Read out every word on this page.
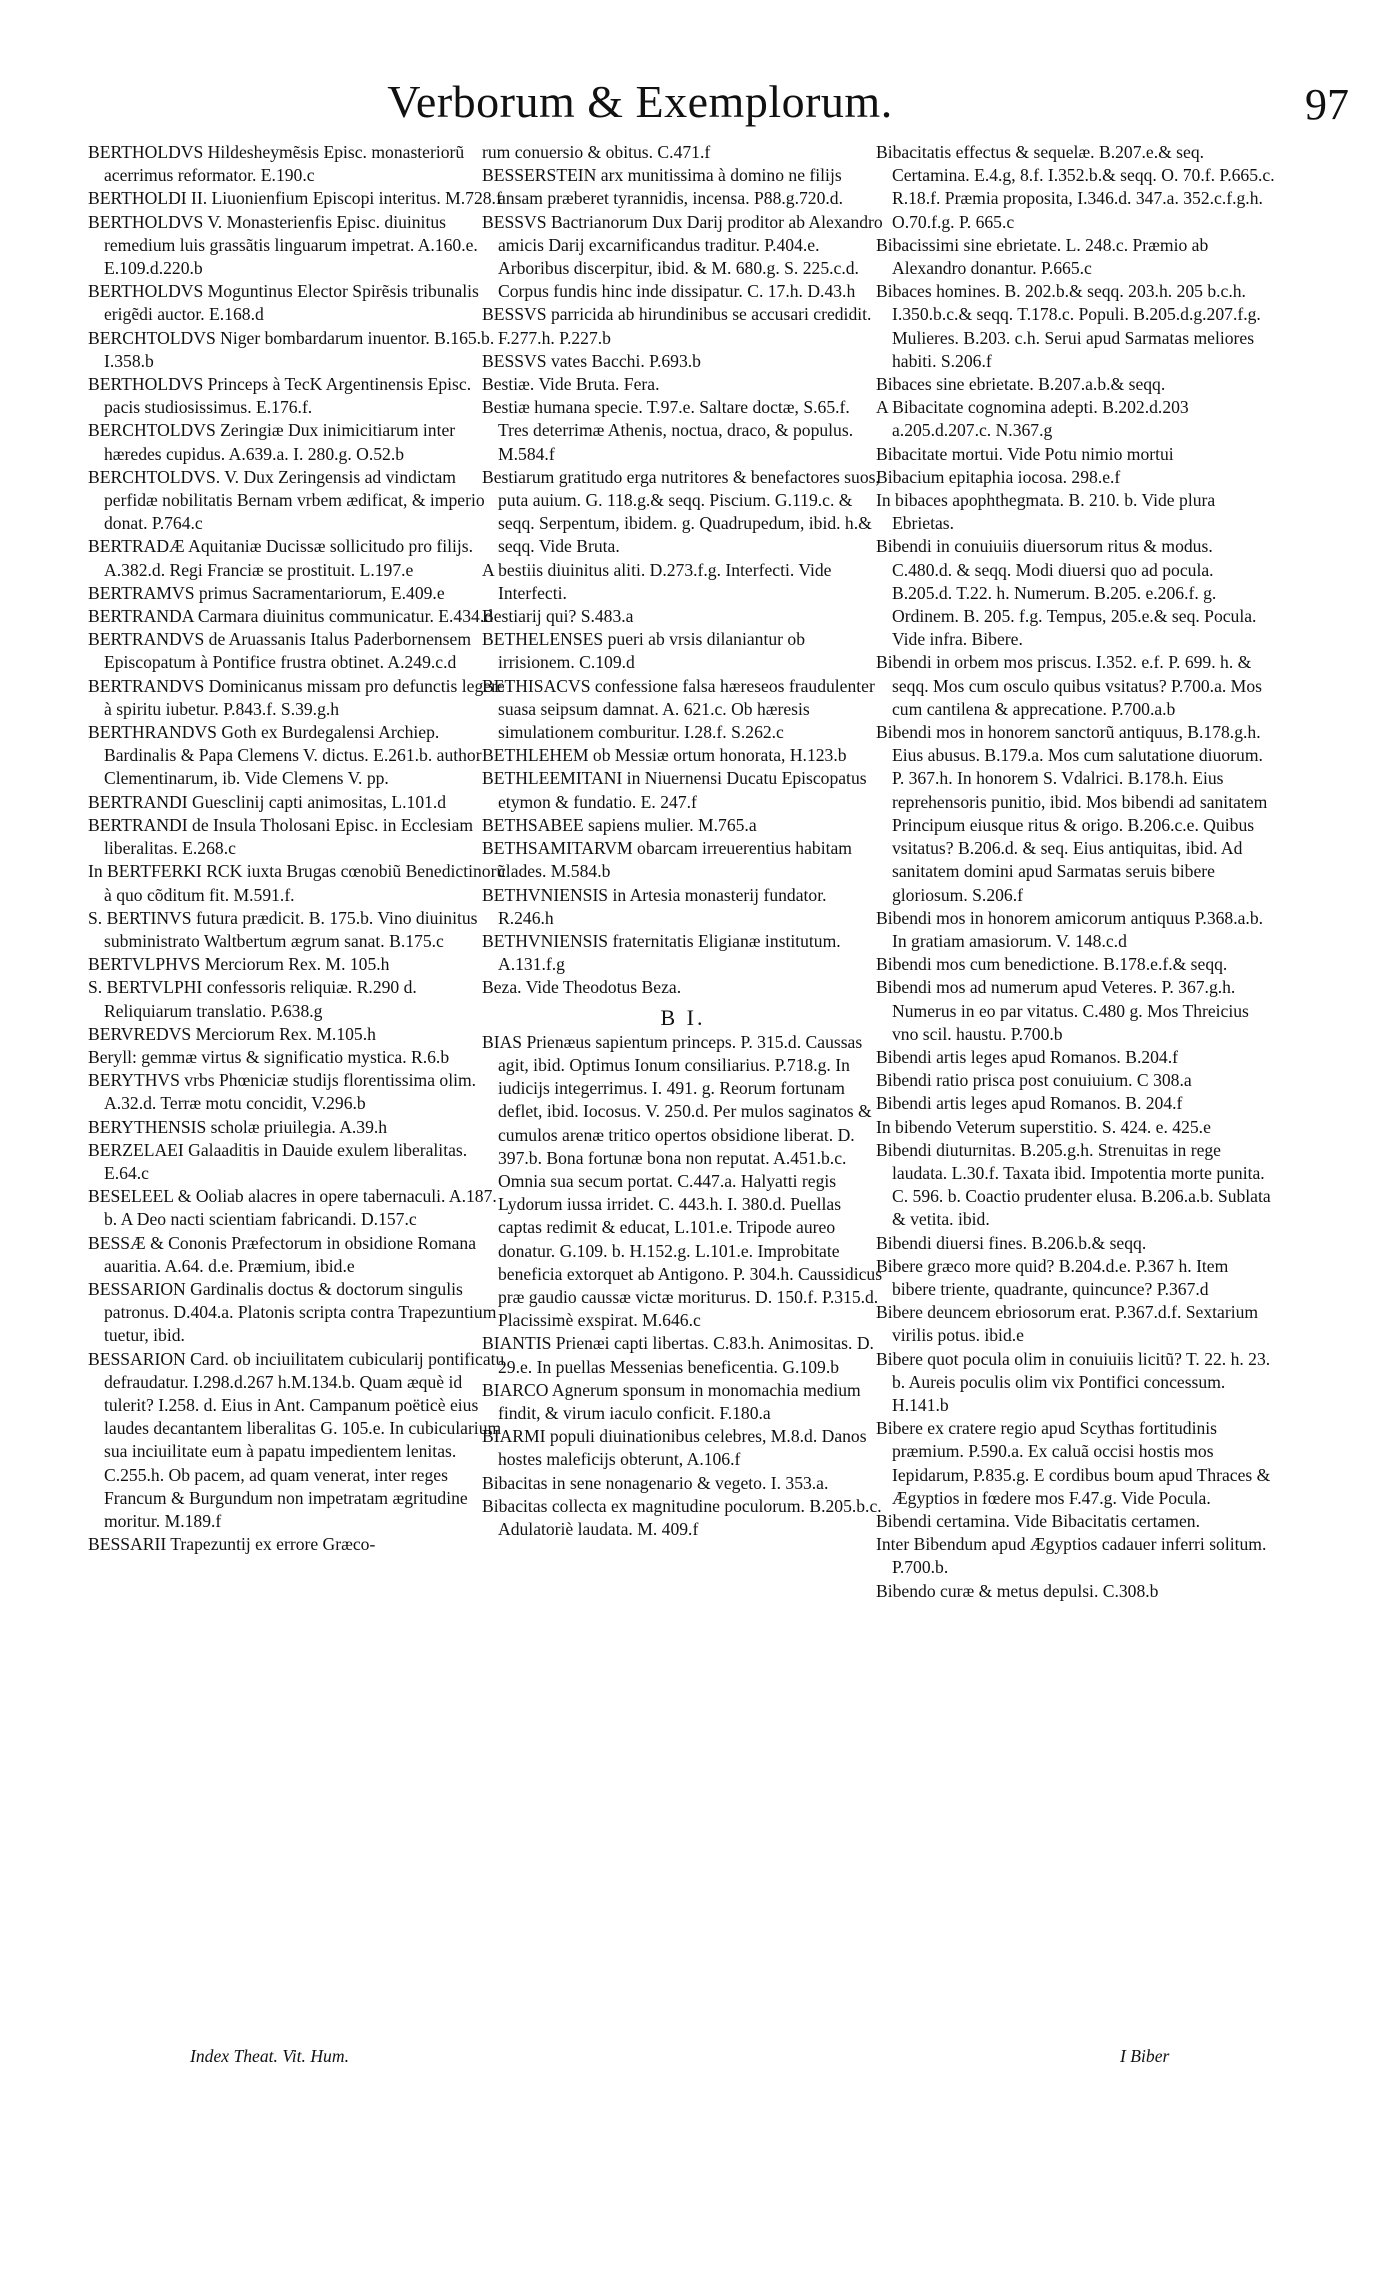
Verborum & Exemplorum.	97

BERTHOLDVS Hildesheymẽsis Episc. monasteriorũ acerrimus reformator. E.190.c

BERTHOLDI II. Liuonienfium Episcopi interitus. M.728.f

BERTHOLDVS V. Monasterienfis Episc. diuinitus remedium luis grassãtis linguarum impetrat. A.160.e. E.109.d.220.b

BERTHOLDVS Moguntinus Elector Spirẽsis tribunalis erigẽdi auctor. E.168.d

BERCHTOLDVS Niger bombardarum inuentor. B.165.b. I.358.b

BERTHOLDVS Princeps à TecK Argentinensis Episc. pacis studiosissimus. E.176.f.

BERCHTOLDVS Zeringiæ Dux inimicitiarum inter hæredes cupidus. A.639.a. I. 280.g. O.52.b

BERCHTOLDVS. V. Dux Zeringensis ad vindictam perfidæ nobilitatis Bernam vrbem ædificat, & imperio donat. P.764.c

BERTRADÆ Aquitaniæ Ducissæ sollicitudo pro filijs. A.382.d. Regi Franciæ se prostituit. L.197.e

BERTRAMVS primus Sacramentariorum, E.409.e

BERTRANDA Carmara diuinitus communicatur. E.434.d

BERTRANDVS de Aruassanis Italus Paderbornensem Episcopatum à Pontifice frustra obtinet. A.249.c.d

BERTRANDVS Dominicanus missam pro defunctis legere à spiritu iubetur. P.843.f. S.39.g.h

BERTHRANDVS Goth ex Burdegalensi Archiep. Bardinalis & Papa Clemens V. dictus. E.261.b. author Clementinarum, ib. Vide Clemens V. pp.

BERTRANDI Guesclinij capti animositas, L.101.d

BERTRANDI de Insula Tholosani Episc. in Ecclesiam liberalitas. E.268.c

In BERTFERKI RCK iuxta Brugas cœnobiũ Benedictinorũ à quo cõditum fit. M.591.f.

S. BERTINVS futura prædicit. B. 175.b. Vino diuinitus subministrato Waltbertum ægrum sanat. B.175.c

BERTVLPHVS Merciorum Rex. M. 105.h

S. BERTVLPHI confessoris reliquiæ. R.290 d. Reliquiarum translatio. P.638.g

BERVREDVS Merciorum Rex. M.105.h

Beryll: gemmæ virtus & significatio mystica. R.6.b

BERYTHVS vrbs Phœniciæ studijs florentissima olim. A.32.d. Terræ motu concidit, V.296.b

BERYTHENSIS scholæ priuilegia. A.39.h

BERZELAEI Galaaditis in Dauide exulem liberalitas. E.64.c

BESELEEL & Ooliab alacres in opere tabernaculi. A.187. b. A Deo nacti scientiam fabricandi. D.157.c

BESSÆ & Cononis Præfectorum in obsidione Romana auaritia. A.64. d.e. Præmium, ibid.e

BESSARION Gardinalis doctus & doctorum singulis patronus. D.404.a. Platonis scripta contra Trapezuntium tuetur, ibid.

BESSARION Card. ob inciuilitatem cubicularij pontificatu defraudatur. I.298.d.267 h.M.134.b. Quam æquè id tulerit? I.258. d. Eius in Ant. Campanum poëticè eius laudes decantantem liberalitas G. 105.e. In cubicularium sua inciuilitate eum à papatu impedientem lenitas. C.255.h. Ob pacem, ad quam venerat, inter reges Francum & Burgundum non impetratam ægritudine moritur. M.189.f

BESSARII Trapezuntij ex errore Græco-

rum conuersio & obitus. C.471.f

BESSERSTEIN arx munitissima à domino ne filijs ansam præberet tyrannidis, incensa. P88.g.720.d.

BESSVS Bactrianorum Dux Darij proditor ab Alexandro amicis Darij excarnificandus traditur. P.404.e. Arboribus discerpitur, ibid. & M. 680.g. S. 225.c.d. Corpus fundis hinc inde dissipatur. C. 17.h. D.43.h

BESSVS parricida ab hirundinibus se accusari credidit. F.277.h. P.227.b

BESSVS vates Bacchi. P.693.b

Bestiæ. Vide Bruta. Fera.

Bestiæ humana specie. T.97.e. Saltare doctæ, S.65.f. Tres deterrimæ Athenis, noctua, draco, & populus. M.584.f

Bestiarum gratitudo erga nutritores & benefactores suos, puta auium. G. 118.g.& seqq. Piscium. G.119.c. & seqq. Serpentum, ibidem. g. Quadrupedum, ibid. h.& seqq. Vide Bruta.

A bestiis diuinitus aliti. D.273.f.g. Interfecti. Vide Interfecti.

Bestiarij qui? S.483.a

BETHELENSES pueri ab vrsis dilaniantur ob irrisionem. C.109.d

BETHISACVS confessione falsa hæreseos fraudulenter suasa seipsum damnat. A. 621.c. Ob hæresis simulationem comburitur. I.28.f. S.262.c

BETHLEHEM ob Messiæ ortum honorata, H.123.b

BETHLEEMITANI in Niuernensi Ducatu Episcopatus etymon & fundatio. E. 247.f

BETHSABEE sapiens mulier. M.765.a

BETHSAMITARVM obarcam irreuerentius habitam clades. M.584.b

BETHVNIENSIS in Artesia monasterij fundator. R.246.h

BETHVNIENSIS fraternitatis Eligianæ institutum. A.131.f.g

Beza. Vide Theodotus Beza.

B I.

BIAS Prienæus sapientum princeps. P. 315.d. Caussas agit, ibid. Optimus Ionum consiliarius. P.718.g. In iudicijs integerrimus. I. 491. g. Reorum fortunam deflet, ibid. Iocosus. V. 250.d. Per mulos saginatos & cumulos arenæ tritico opertos obsidione liberat. D. 397.b. Bona fortunæ bona non reputat. A.451.b.c. Omnia sua secum portat. C.447.a. Halyatti regis Lydorum iussa irridet. C. 443.h. I. 380.d. Puellas captas redimit & educat, L.101.e. Tripode aureo donatur. G.109. b. H.152.g. L.101.e. Improbitate beneficia extorquet ab Antigono. P. 304.h. Caussidicus præ gaudio caussæ victæ moriturus. D. 150.f. P.315.d. Placissimè exspirat. M.646.c

BIANTIS Prienæi capti libertas. C.83.h. Animositas. D. 29.e. In puellas Messenias beneficentia. G.109.b

BIARCO Agnerum sponsum in monomachia medium findit, & virum iaculo conficit. F.180.a

BIARMI populi diuinationibus celebres, M.8.d. Danos hostes maleficijs obterunt, A.106.f

Bibacitas in sene nonagenario & vegeto. I. 353.a.

Bibacitas collecta ex magnitudine poculorum. B.205.b.c. Adulatoriè laudata. M. 409.f

Bibacitatis effectus & sequelæ. B.207.e.& seq. Certamina. E.4.g, 8.f. I.352.b.& seqq. O. 70.f. P.665.c. R.18.f. Præmia proposita, I.346.d. 347.a. 352.c.f.g.h. O.70.f.g. P. 665.c

Bibacissimi sine ebrietate. L. 248.c. Præmio ab Alexandro donantur. P.665.c

Bibaces homines. B. 202.b.& seqq. 203.h. 205 b.c.h. I.350.b.c.& seqq. T.178.c. Populi. B.205.d.g.207.f.g. Mulieres. B.203. c.h. Serui apud Sarmatas meliores habiti. S.206.f

Bibaces sine ebrietate. B.207.a.b.& seqq.

A Bibacitate cognomina adepti. B.202.d.203 a.205.d.207.c. N.367.g

Bibacitate mortui. Vide Potu nimio mortui

Bibacium epitaphia iocosa. 298.e.f

In bibaces apophthegmata. B. 210. b. Vide plura Ebrietas.

Bibendi in conuiuiis diuersorum ritus & modus. C.480.d. & seqq. Modi diuersi quo ad pocula. B.205.d. T.22. h. Numerum. B.205. e.206.f. g. Ordinem. B. 205. f.g. Tempus, 205.e.& seq. Pocula. Vide infra. Bibere.

Bibendi in orbem mos priscus. I.352. e.f. P. 699. h. & seqq. Mos cum osculo quibus vsitatus? P.700.a. Mos cum cantilena & apprecatione. P.700.a.b

Bibendi mos in honorem sanctorũ antiquus, B.178.g.h. Eius abusus. B.179.a. Mos cum salutatione diuorum. P. 367.h. In honorem S. Vdalrici. B.178.h. Eius reprehensoris punitio, ibid. Mos bibendi ad sanitatem Principum eiusque ritus & origo. B.206.c.e. Quibus vsitatus? B.206.d. & seq. Eius antiquitas, ibid. Ad sanitatem domini apud Sarmatas seruis bibere gloriosum. S.206.f

Bibendi mos in honorem amicorum antiquus P.368.a.b. In gratiam amasiorum. V. 148.c.d

Bibendi mos cum benedictione. B.178.e.f.& seqq.

Bibendi mos ad numerum apud Veteres. P. 367.g.h. Numerus in eo par vitatus. C.480 g. Mos Threicius vno scil. haustu. P.700.b

Bibendi artis leges apud Romanos. B.204.f

Bibendi ratio prisca post conuiuium. C 308.a

Bibendi artis leges apud Romanos. B. 204.f

In bibendo Veterum superstitio. S. 424. e. 425.e

Bibendi diuturnitas. B.205.g.h. Strenuitas in rege laudata. L.30.f. Taxata ibid. Impotentia morte punita. C. 596. b. Coactio prudenter elusa. B.206.a.b. Sublata & vetita. ibid.

Bibendi diuersi fines. B.206.b.& seqq.

Bibere græco more quid? B.204.d.e. P.367 h. Item bibere triente, quadrante, quincunce? P.367.d

Bibere deuncem ebriosorum erat. P.367.d.f. Sextarium virilis potus. ibid.e

Bibere quot pocula olim in conuiuiis licitũ? T. 22. h. 23. b. Aureis poculis olim vix Pontifici concessum. H.141.b

Bibere ex cratere regio apud Scythas fortitudinis præmium. P.590.a. Ex caluã occisi hostis mos Iepidarum, P.835.g. E cordibus boum apud Thraces & Ægyptios in fœdere mos F.47.g. Vide Pocula.

Bibendi certamina. Vide Bibacitatis certamen.

Inter Bibendum apud Ægyptios cadauer inferri solitum. P.700.b.

Bibendo curæ & metus depulsi. C.308.b

Index Theat. Vit. Hum.	I Biber
